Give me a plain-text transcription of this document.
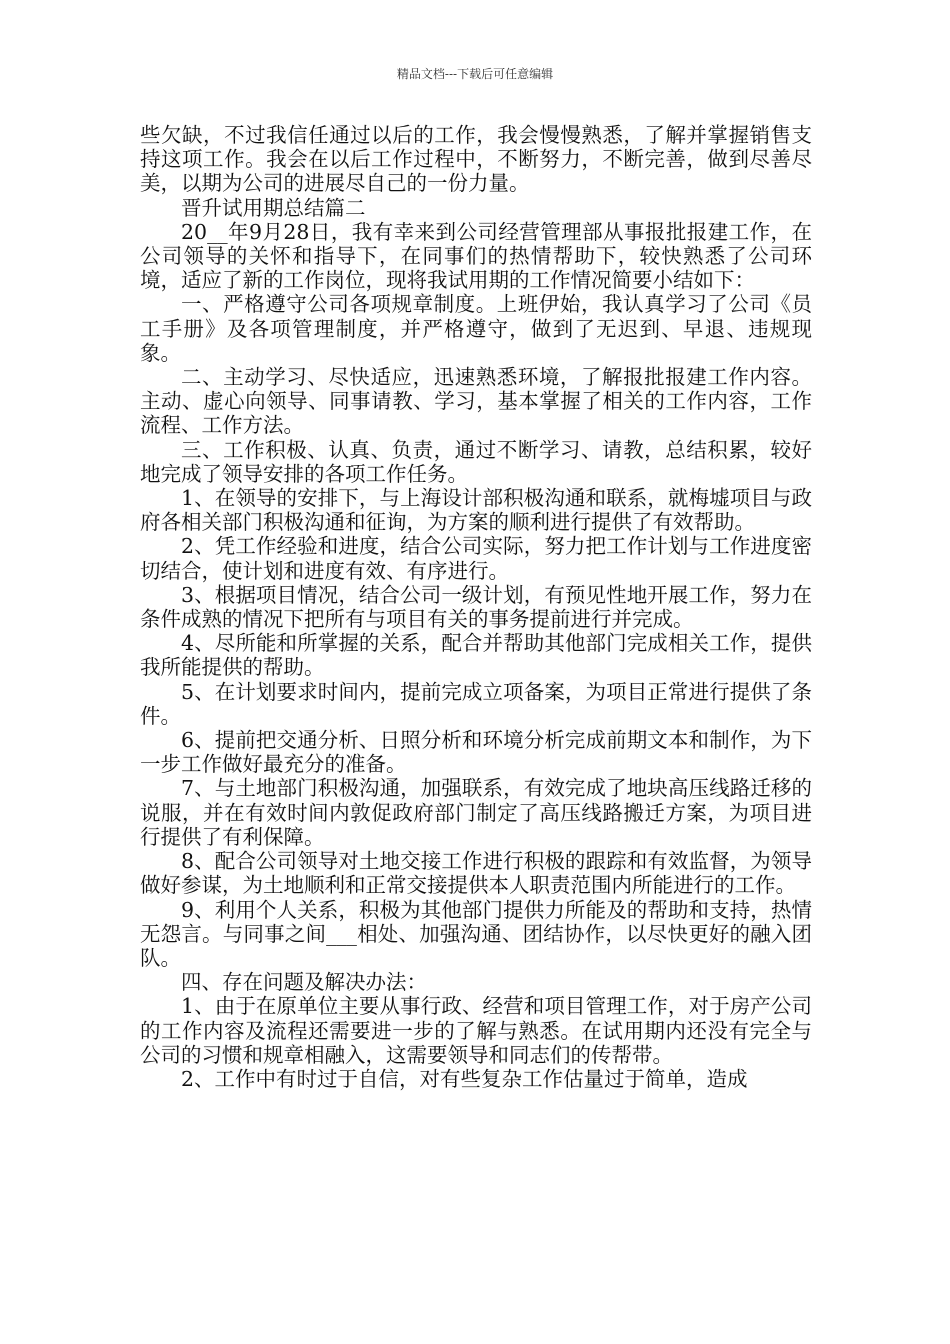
精品文档---下载后可任意编辑

些欠缺，不过我信任通过以后的工作，我会慢慢熟悉，了解并掌握销售支持这项工作。我会在以后工作过程中，不断努力，不断完善，做到尽善尽美，以期为公司的进展尽自己的一份力量。

晋升试用期总结篇二

20__年9月28日，我有幸来到公司经营管理部从事报批报建工作，在公司领导的关怀和指导下，在同事们的热情帮助下，较快熟悉了公司环境，适应了新的工作岗位，现将我试用期的工作情况简要小结如下：

一、严格遵守公司各项规章制度。上班伊始，我认真学习了公司《员工手册》及各项管理制度，并严格遵守，做到了无迟到、早退、违规现象。

二、主动学习、尽快适应，迅速熟悉环境，了解报批报建工作内容。主动、虚心向领导、同事请教、学习，基本掌握了相关的工作内容，工作流程、工作方法。

三、工作积极、认真、负责，通过不断学习、请教，总结积累，较好地完成了领导安排的各项工作任务。

1、在领导的安排下，与上海设计部积极沟通和联系，就梅墟项目与政府各相关部门积极沟通和征询，为方案的顺利进行提供了有效帮助。

2、凭工作经验和进度，结合公司实际，努力把工作计划与工作进度密切结合，使计划和进度有效、有序进行。

3、根据项目情况，结合公司一级计划，有预见性地开展工作，努力在条件成熟的情况下把所有与项目有关的事务提前进行并完成。

4、尽所能和所掌握的关系，配合并帮助其他部门完成相关工作，提供我所能提供的帮助。

5、在计划要求时间内，提前完成立项备案，为项目正常进行提供了条件。

6、提前把交通分析、日照分析和环境分析完成前期文本和制作，为下一步工作做好最充分的准备。

7、与土地部门积极沟通，加强联系，有效完成了地块高压线路迁移的说服，并在有效时间内敦促政府部门制定了高压线路搬迁方案，为项目进行提供了有利保障。

8、配合公司领导对土地交接工作进行积极的跟踪和有效监督，为领导做好参谋，为土地顺利和正常交接提供本人职责范围内所能进行的工作。

9、利用个人关系，积极为其他部门提供力所能及的帮助和支持，热情无怨言。与同事之间___相处、加强沟通、团结协作，以尽快更好的融入团队。

四、存在问题及解决办法：

1、由于在原单位主要从事行政、经营和项目管理工作，对于房产公司的工作内容及流程还需要进一步的了解与熟悉。在试用期内还没有完全与公司的习惯和规章相融入，这需要领导和同志们的传帮带。

2、工作中有时过于自信，对有些复杂工作估量过于简单，造成
